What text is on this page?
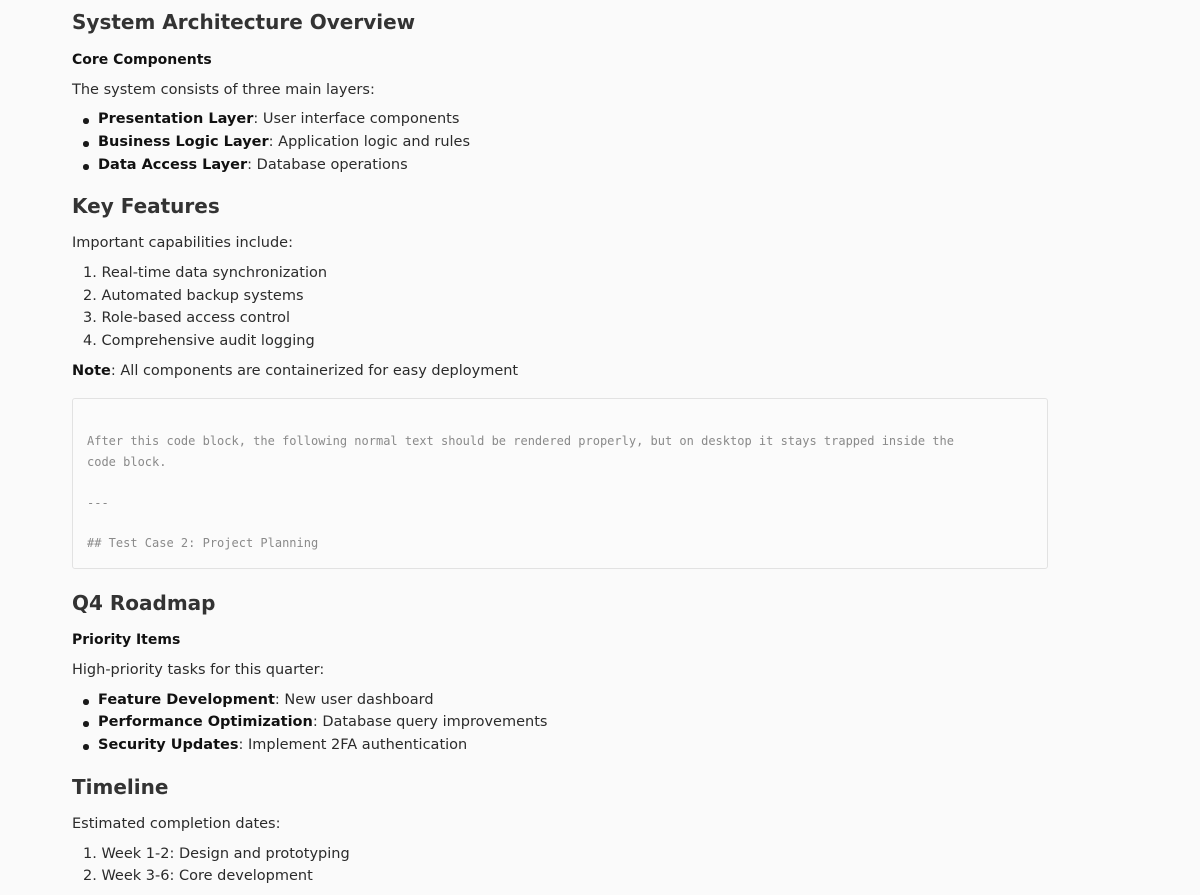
System Architecture Overview
Core Components

The system consists of three main layers:

Presentation Layer: User interface components
Business Logic Layer: Application logic and rules
Data Access Layer: Database operations
Key Features

Important capabilities include:

1. Real-time data synchronization
2. Automated backup systems
3. Role-based access control
4. Comprehensive audit logging

Note: All components are containerized for easy deployment

After this code block, the following normal text should be rendered properly, but on desktop it stays trapped inside the
code block.
---
## Test Case 2: Project Planning
Q4 Roadmap
Priority Items

High-priority tasks for this quarter:

Feature Development: New user dashboard
Performance Optimization: Database query improvements
Security Updates: Implement 2FA authentication
Timeline

Estimated completion dates:

1. Week 1-2: Design and prototyping
2. Week 3-6: Core development
